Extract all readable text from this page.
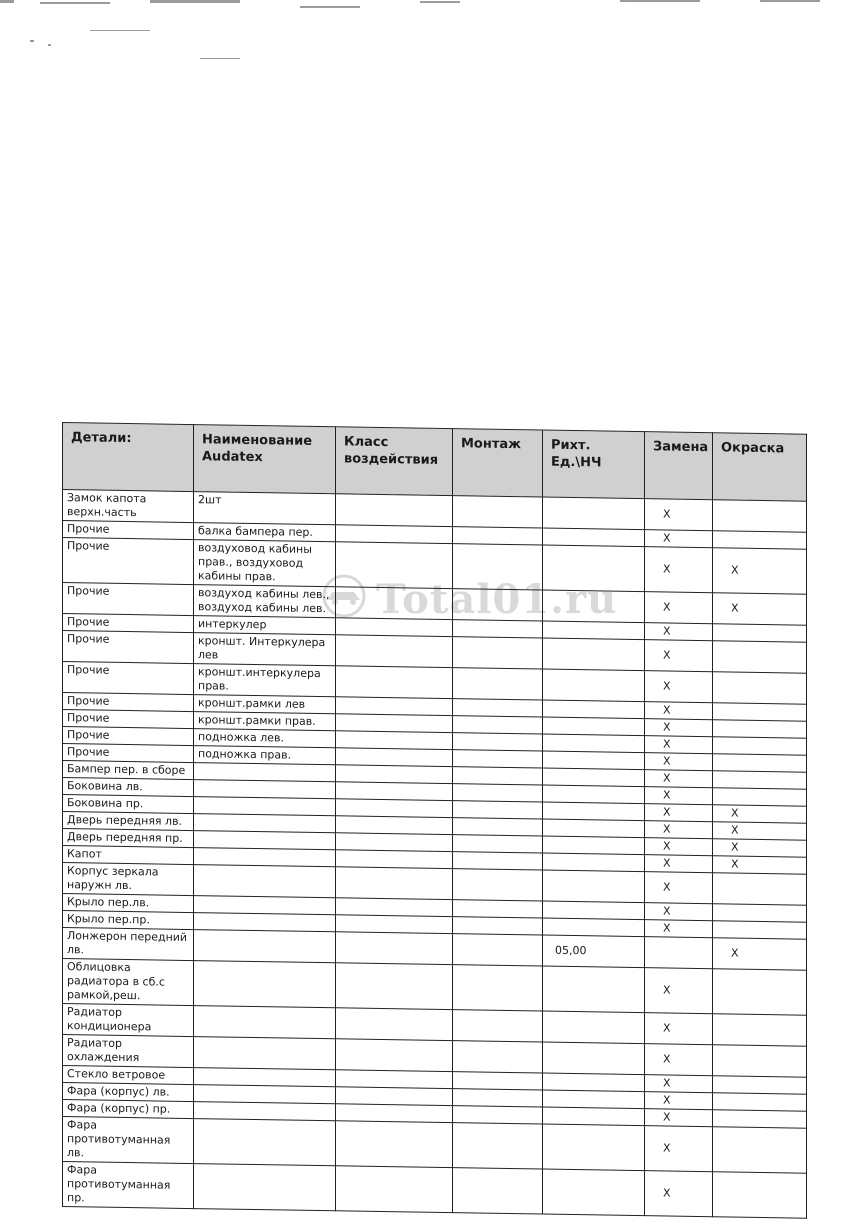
Total01.ru
Детали:	Наименование Audatex	Класс воздействия	Монтаж	Рихт. Ед.\НЧ	Замена	Окраска
Замок капота верхн.часть	2шт				X	
Прочие	балка бампера пер.				X	
Прочие	воздуховод кабины прав., воздуховод кабины прав.				X	X
Прочие	воздуход кабины лев., воздуход кабины лев.				X	X
Прочие	интеркулер				X	
Прочие	кроншт. Интеркулера лев				X	
Прочие	кроншт.интеркулера прав.				X	
Прочие	кроншт.рамки лев				X	
Прочие	кроншт.рамки прав.				X	
Прочие	подножка лев.				X	
Прочие	подножка прав.				X	
Бампер пер. в сборе					X	
Боковина лв.					X	
Боковина пр.					X	X
Дверь передняя лв.					X	X
Дверь передняя пр.					X	X
Капот					X	X
Корпус зеркала наружн лв.					X	
Крыло пер.лв.					X	
Крыло пер.пр.					X	
Лонжерон передний лв.				05,00		X
Облицовка радиатора в сб.с рамкой,реш.					X	
Радиатор кондиционера					X	
Радиатор охлаждения					X	
Стекло ветровое					X	
Фара (корпус) лв.					X	
Фара (корпус) пр.					X	
Фара противотуманная лв.					X	
Фара противотуманная пр.					X	
